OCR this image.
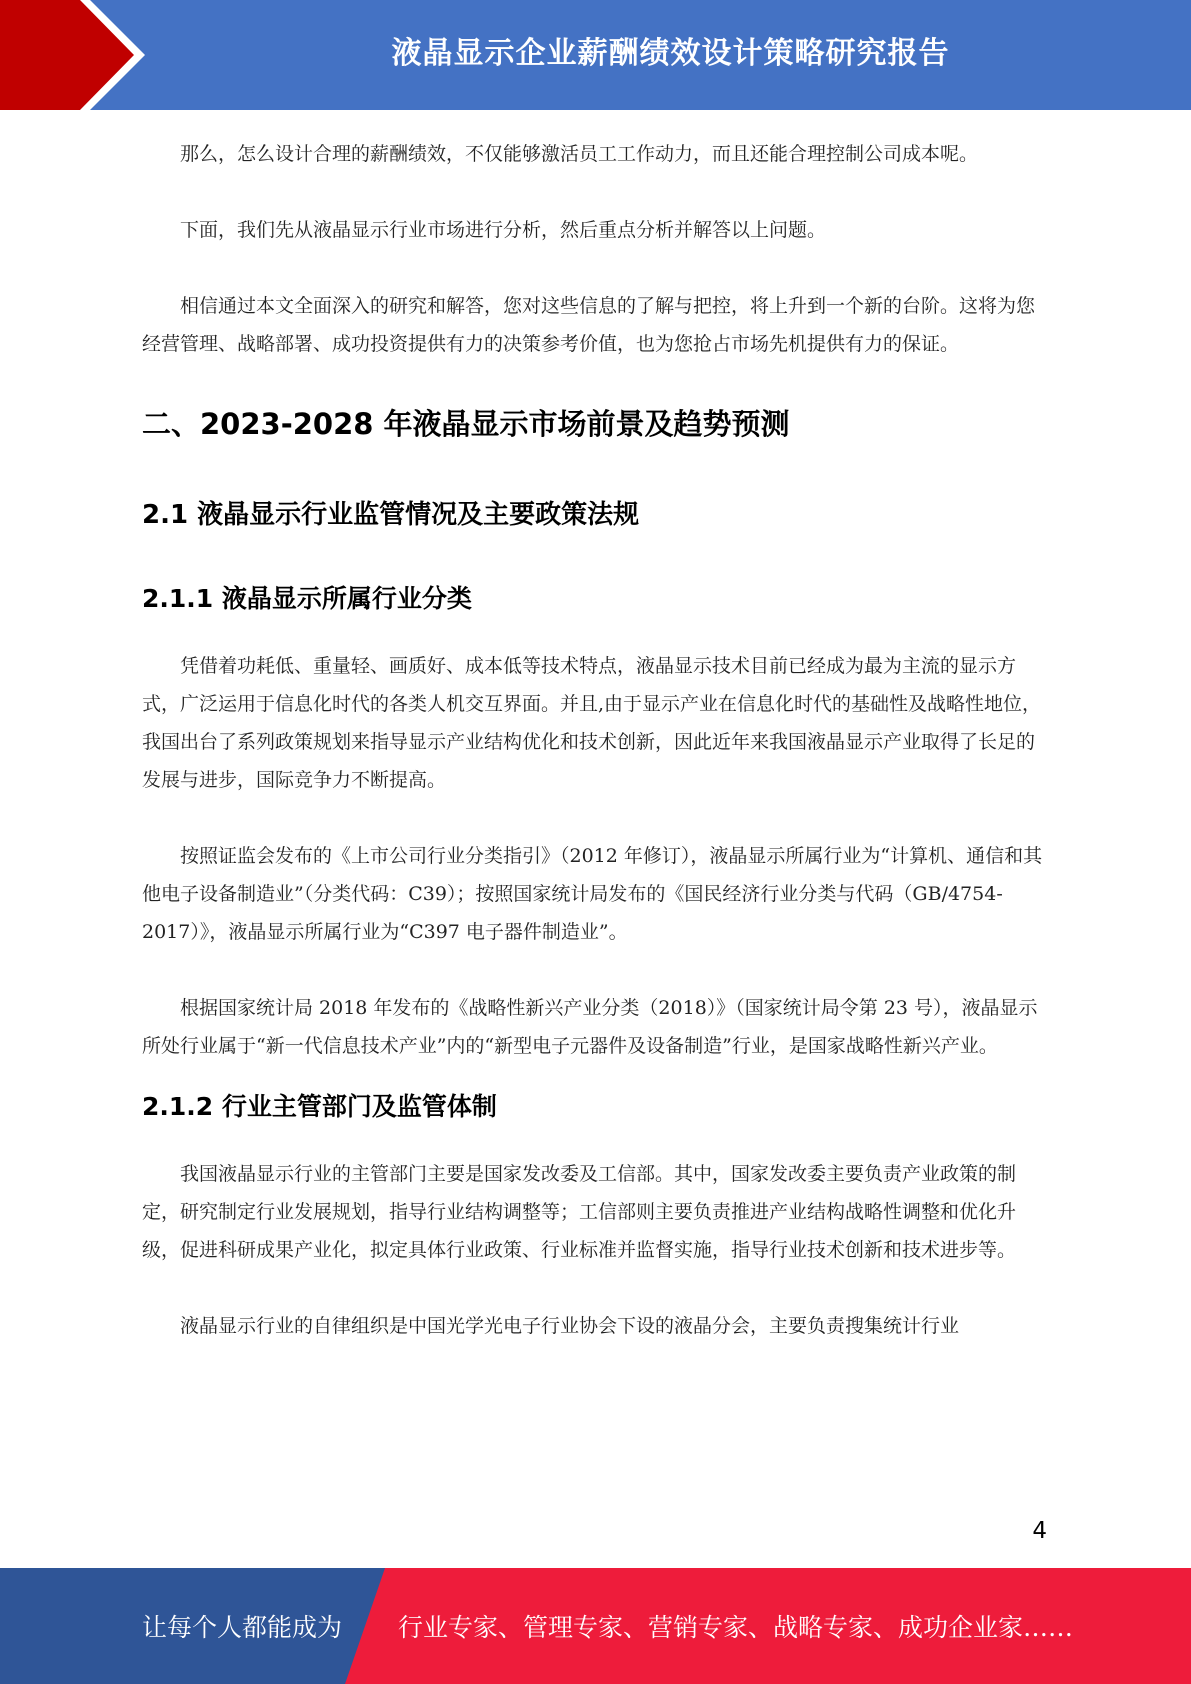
液晶显示企业薪酬绩效设计策略研究报告

那么，怎么设计合理的薪酬绩效，不仅能够激活员工工作动力，而且还能合理控制公司成本呢。

下面，我们先从液晶显示行业市场进行分析，然后重点分析并解答以上问题。

相信通过本文全面深入的研究和解答，您对这些信息的了解与把控，将上升到一个新的台阶。这将为您经营管理、战略部署、成功投资提供有力的决策参考价值，也为您抢占市场先机提供有力的保证。

二、2023-2028 年液晶显示市场前景及趋势预测
2.1 液晶显示行业监管情况及主要政策法规
2.1.1 液晶显示所属行业分类

凭借着功耗低、重量轻、画质好、成本低等技术特点，液晶显示技术目前已经成为最为主流的显示方式，广泛运用于信息化时代的各类人机交互界面。并且,由于显示产业在信息化时代的基础性及战略性地位，我国出台了系列政策规划来指导显示产业结构优化和技术创新，因此近年来我国液晶显示产业取得了长足的发展与进步，国际竞争力不断提高。

按照证监会发布的《上市公司行业分类指引》（2012 年修订），液晶显示所属行业为“计算机、通信和其他电子设备制造业”（分类代码：C39）；按照国家统计局发布的《国民经济行业分类与代码（GB/4754-2017）》，液晶显示所属行业为“C397 电子器件制造业”。

根据国家统计局 2018 年发布的《战略性新兴产业分类（2018）》（国家统计局令第 23 号），液晶显示所处行业属于“新一代信息技术产业”内的“新型电子元器件及设备制造”行业，是国家战略性新兴产业。

2.1.2 行业主管部门及监管体制

我国液晶显示行业的主管部门主要是国家发改委及工信部。其中，国家发改委主要负责产业政策的制定，研究制定行业发展规划，指导行业结构调整等；工信部则主要负责推进产业结构战略性调整和优化升级，促进科研成果产业化，拟定具体行业政策、行业标准并监督实施，指导行业技术创新和技术进步等。

液晶显示行业的自律组织是中国光学光电子行业协会下设的液晶分会，主要负责搜集统计行业

4
让每个人都能成为 行业专家、管理专家、营销专家、战略专家、成功企业家……
